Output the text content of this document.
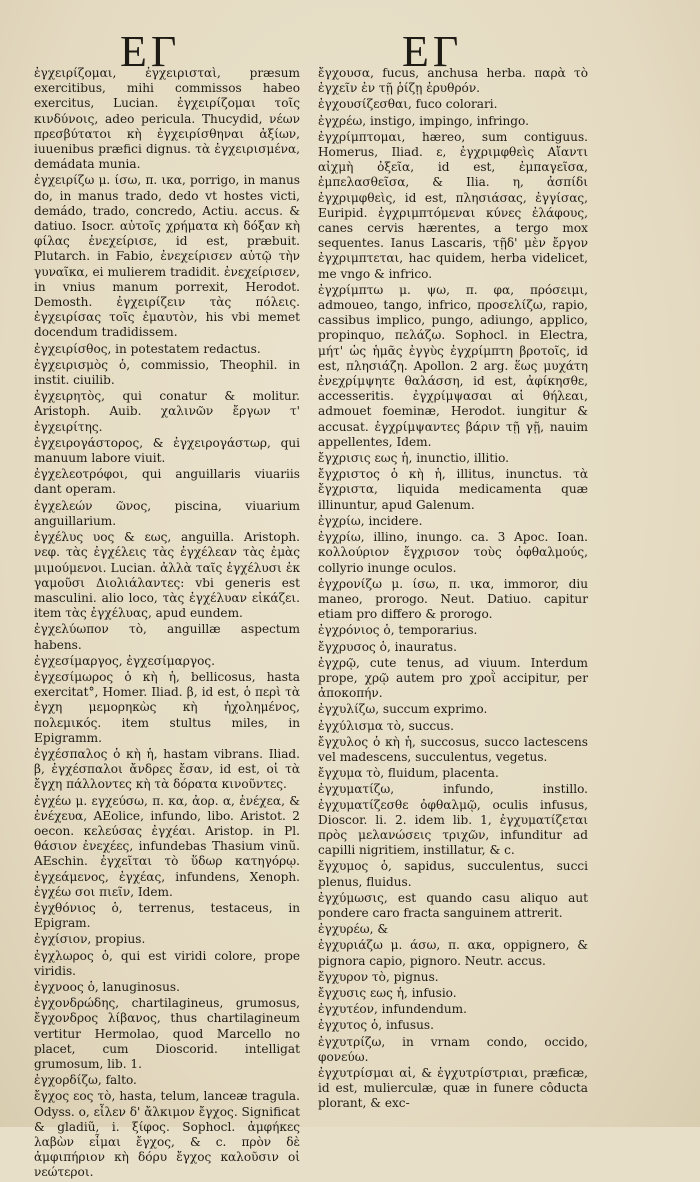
ΕΓ	ΕΓ

ἐγχειρίζομαι, ἐγχειρισταὶ, præsum exercitibus, mihi commissos habeo exercitus, Lucian. ἐγχειρίζομαι τοῖς κινδύνοις, adeo pericula. Thucydid, νέων πρεσβύτατοι κὴ ἐγχειρίσθηναι ἀξίων, iuuenibus præfici dignus. τὰ ἐγχειρισμένα, demádata munia.

ἐγχειρίζω μ. ίσω, π. ικα, porrigo, in manus do, in manus trado, dedo vt hostes victi, demádo, trado, concredo, Actiu. accus. & datiuo. Isocr. αὐτοῖς χρήματα κὴ δόξαν κὴ φίλας ἐνεχείρισε, id est, præbuit. Plutarch. in Fabio, ἐνεχείρισεν αὐτῷ τὴν γυναῖκα, ei mulierem tradidit. ἐνεχείρισεν, in vnius manum porrexit, Herodot. Demosth. ἐγχειρίζειν τὰς πόλεις. ἐγχειρίσας τοῖς ἐμαυτὸν, his vbi memet docendum tradidissem.

ἐγχειρίσθος, in potestatem redactus.

ἐγχειρισμὸς ὁ, commissio, Theophil. in instit. ciuilib.

ἐγχειρητὸς, qui conatur & molitur. Aristoph. Auib. χαλινῶν ἔργων τ' ἐγχειρίτης.

ἐγχειρογάστορος, & ἐγχειρογάστωρ, qui manuum labore viuit.

ἐγχελεοτρόφοι, qui anguillaris viuariis dant operam.

ἐγχελεών ῶνος, piscina, viuarium anguillarium.

ἐγχέλυς υος & εως, anguilla. Aristoph. νεφ. τὰς ἐγχέλεις τὰς ἐγχέλεαν τὰς ἐμὰς μιμούμενοι. Lucian. ἀλλὰ ταῖς ἐγχέλυσι ἐκ γαμοῦσι Διολιάλαντες: vbi generis est masculini. alio loco, τὰς ἐγχέλυαν εἰκάζει. item τὰς ἐγχέλυας, apud eundem.

ἐγχελύωπον τὸ, anguillæ aspectum habens.

ἐγχεσίμαργος, ἐγχεσίμαργος.

ἐγχεσίμωρος ὁ κὴ ἡ, bellicosus, hasta exercitat°, Homer. Iliad. β, id est, ὁ περὶ τὰ ἐγχη μεμορηκὼς κὴ ἠχολημένος, πολεμικός. item stultus miles, in Epigramm.

ἐγχέσπαλος ὁ κὴ ἡ, hastam vibrans. Iliad. β, ἐγχέσπαλοι ἄνδρες ἔσαν, id est, οἱ τὰ ἔγχη πάλλοντες κὴ τὰ δόρατα κινοῦντες.

ἐγχέω μ. εγχεύσω, π. κα, ἀορ. α, ἐνέχεα, & ἐνέχευα, AEolice, infundo, libo. Aristot. 2 oecon. κελεύσας ἐγχέαι. Aristop. in Pl. θάσιον ἐνεχέες, infundebas Thasium vinũ. AEschin. ἐγχεῖται τὸ ὕδωρ κατηγόρῳ. ἐγχεάμενος, ἐγχέας, infundens, Xenoph. ἐγχέω σοι πιεῖν, Idem.

ἐγχθόνιος ὁ, terrenus, testaceus, in Epigram.

ἐγχίσιον, propius.

ἐγχλωρος ὁ, qui est viridi colore, prope viridis.

ἐγχνοος ὁ, lanuginosus.

ἐγχονδρώδης, chartilagineus, grumosus, ἔγχονδρος λίβανος, thus chartilagineum vertitur Hermolao, quod Marcello no placet, cum Dioscorid. intelligat grumosum, lib. 1.

ἐγχορδίζω, falto.

ἔγχος εος τὸ, hasta, telum, lanceæ tragula. Odyss. ο, εἶλεν δ' ἄλκιμον ἔγχος. Significat & gladiũ, i. ξίφος. Sophocl. ἀμφήκες λαβὼν εἶμαι ἔγχος, & c. πρὸν δὲ ἀμφιπήριον κὴ δόρυ ἔγχος καλοῦσιν οἱ νεώτεροι.

ἔγχουσα, fucus, anchusa herba. παρὰ τὸ ἐγχεῖν ἐν τῇ ῥίζῃ ἐρυθρόν.

ἐγχουσίζεσθαι, fuco colorari.

ἐγχρέω, instigo, impingo, infringo.

ἐγχρίμπτομαι, hæreo, sum contiguus. Homerus, Iliad. ε, ἐγχριμφθεὶς Αἴαντι αἰχμὴ ὀξεῖα, id est, ἐμπαγεῖσα, ἐμπελασθεῖσα, & Ilia. η, ἀσπίδι ἐγχριμφθεὶς, id est, πλησιάσας, ἐγγίσας, Euripid. ἐγχριμπτόμεναι κύνες ἐλάφους, canes cervis hærentes, a tergo mox sequentes. Ianus Lascaris, τῇδ' μὲν ἔργον ἐγχριμπτεται, hac quidem, herba videlicet, me vngo & infrico.

ἐγχρίμπτω μ. ψω, π. φα, πρόσειμι, admoueo, tango, infrico, προσελίζω, rapio, cassibus implico, pungo, adiungo, applico, propinquo, πελάζω. Sophocl. in Electra, μήτ' ὡς ἡμᾶς ἐγγὺς ἐγχρίμπτη βροτοῖς, id est, πλησιάζη. Apollon. 2 arg. ἕως μυχάτη ἐνεχρίμψητε θαλάσση, id est, ἀφίκησθε, accesseritis. ἐγχρίμψασαι αἱ θήλεαι, admouet foeminæ, Herodot. iungitur & accusat. ἐγχρίμψαντες βάριν τῇ γῇ, nauim appellentes, Idem.

ἔγχρισις εως ἡ, inunctio, illitio.

ἔγχριστος ὁ κὴ ἡ, illitus, inunctus. τὰ ἔγχριστα, liquida medicamenta quæ illinuntur, apud Galenum.

ἐγχρίω, incidere.

ἐγχρίω, illino, inungo. ca. 3 Apoc. Ioan. κολλούριον ἔγχρισον τοὺς ὀφθαλμούς, collyrio inunge oculos.

ἐγχρονίζω μ. ίσω, π. ικα, immoror, diu maneo, prorogo. Neut. Datiuo. capitur etiam pro differo & prorogo.

ἐγχρόνιος ὁ, temporarius.

ἔγχρυσος ὁ, inauratus.

ἐγχρῷ, cute tenus, ad viuum. Interdum prope, χρῷ autem pro χροῒ accipitur, per ἀποκοπήν.

ἐγχυλίζω, succum exprimo.

ἐγχύλισμα τὸ, succus.

ἔγχυλος ὁ κὴ ἡ, succosus, succo lactescens vel madescens, succulentus, vegetus.

ἔγχυμα τὸ, fluidum, placenta.

ἐγχυματίζω, infundo, instillo. ἐγχυματίζεσθε ὀφθαλμῷ, oculis infusus, Dioscor. li. 2. idem lib. 1, ἐγχυματίζεται πρὸς μελανώσεις τριχῶν, infunditur ad capilli nigritiem, instillatur, & c.

ἔγχυμος ὁ, sapidus, succulentus, succi plenus, fluidus.

ἐγχύμωσις, est quando casu aliquo aut pondere caro fracta sanguinem attrerit.

ἐγχυρέω, &

ἐγχυριάζω μ. άσω, π. ακα, oppignero, & pignora capio, pignoro. Neutr. accus.

ἔγχυρον τὸ, pignus.

ἔγχυσις εως ἡ, infusio.

ἐγχυτέον, infundendum.

ἐγχυτος ὁ, infusus.

ἐγχυτρίζω, in vrnam condo, occido, φονεύω.

ἐγχυτρίσμαι αἱ, & ἐγχυτρίστριαι, præficæ, id est, mulierculæ, quæ in funere côducta plorant, & exc-
